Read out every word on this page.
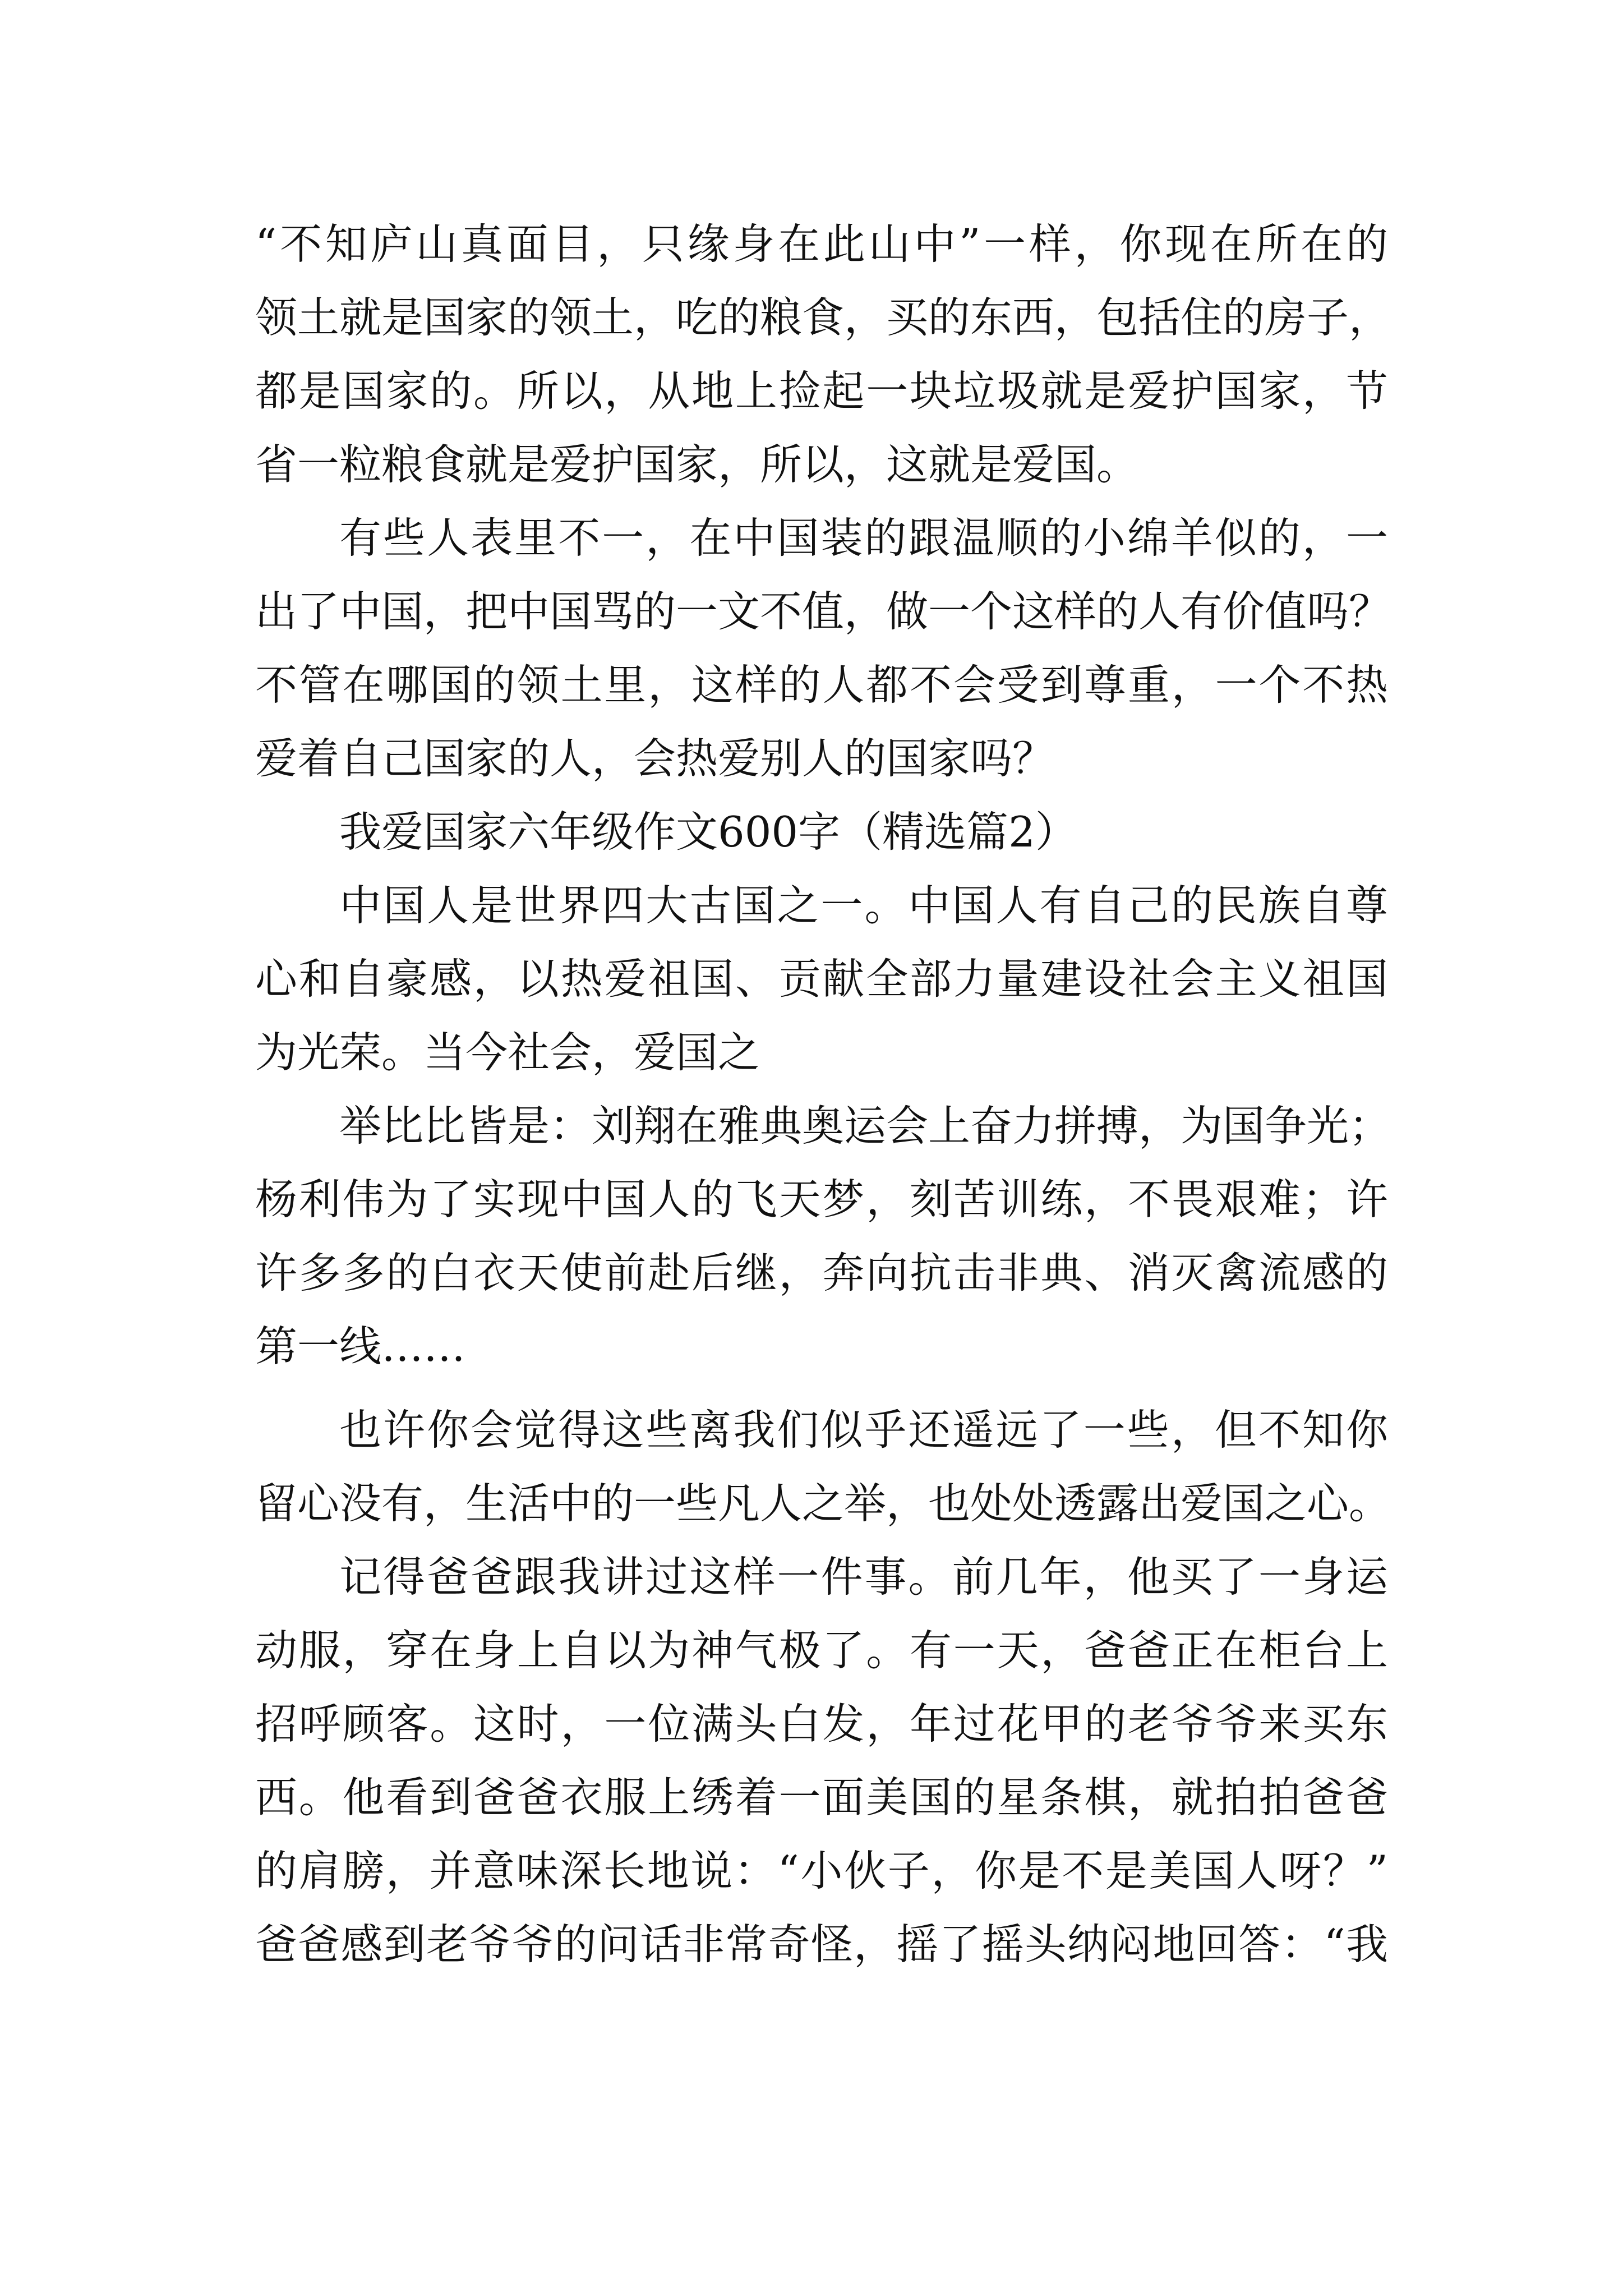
“不知庐山真面目，只缘身在此山中”一样，你现在所在的
领土就是国家的领土，吃的粮食，买的东西，包括住的房子，
都是国家的。所以，从地上捡起一块垃圾就是爱护国家，节
省一粒粮食就是爱护国家，所以，这就是爱国。
有些人表里不一，在中国装的跟温顺的小绵羊似的，一
出了中国，把中国骂的一文不值，做一个这样的人有价值吗？
不管在哪国的领土里，这样的人都不会受到尊重，一个不热
爱着自己国家的人，会热爱别人的国家吗？
我爱国家六年级作文600字（精选篇2）
中国人是世界四大古国之一。中国人有自己的民族自尊
心和自豪感，以热爱祖国、贡献全部力量建设社会主义祖国
为光荣。当今社会，爱国之
举比比皆是：刘翔在雅典奥运会上奋力拼搏，为国争光；
杨利伟为了实现中国人的飞天梦，刻苦训练，不畏艰难；许
许多多的白衣天使前赴后继，奔向抗击非典、消灭禽流感的
第一线……
也许你会觉得这些离我们似乎还遥远了一些，但不知你
留心没有，生活中的一些凡人之举，也处处透露出爱国之心。
记得爸爸跟我讲过这样一件事。前几年，他买了一身运
动服，穿在身上自以为神气极了。有一天，爸爸正在柜台上
招呼顾客。这时，一位满头白发，年过花甲的老爷爷来买东
西。他看到爸爸衣服上绣着一面美国的星条棋，就拍拍爸爸
的肩膀，并意味深长地说：“小伙子，你是不是美国人呀？”
爸爸感到老爷爷的问话非常奇怪，摇了摇头纳闷地回答：“我
